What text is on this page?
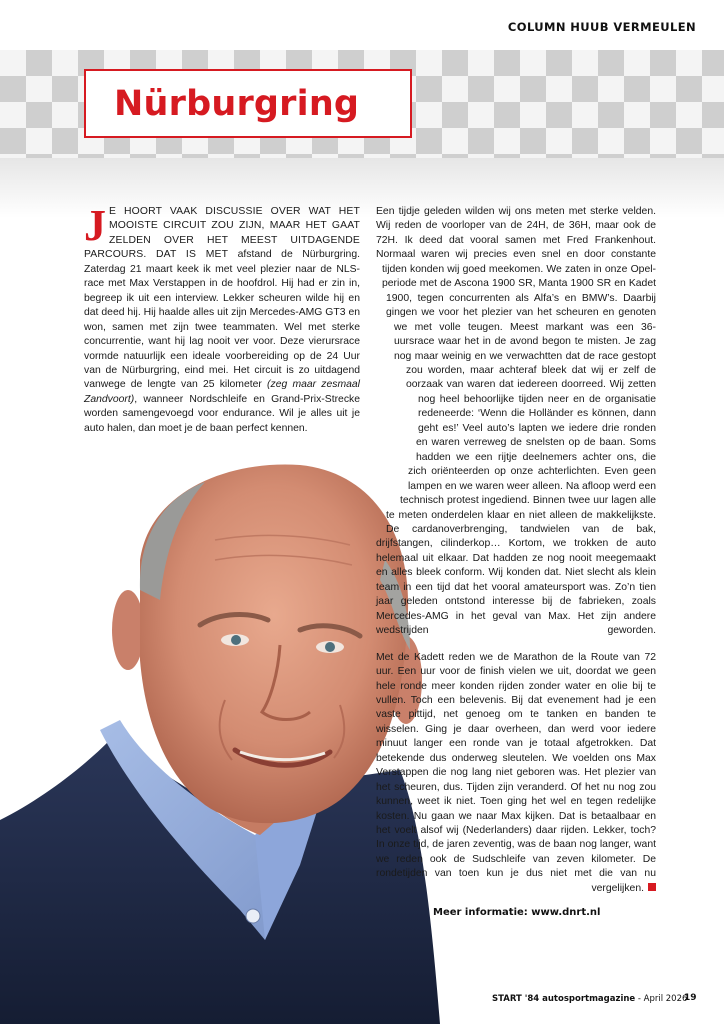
COLUMN HUUB VERMEULEN
Nürburgring

JE HOORT VAAK DISCUSSIE OVER WAT HET MOOISTE CIRCUIT ZOU ZIJN, MAAR HET GAAT ZELDEN OVER HET MEEST UITDAGENDE PARCOURS. DAT IS MET afstand de Nürburgring. Zaterdag 21 maart keek ik met veel plezier naar de NLS-race met Max Verstappen in de hoofdrol. Hij had er zin in, begreep ik uit een interview. Lekker scheuren wilde hij en dat deed hij. Hij haalde alles uit zijn Mercedes-AMG GT3 en won, samen met zijn twee teammaten. Wel met sterke concurrentie, want hij lag nooit ver voor. Deze vierursrace vormde natuurlijk een ideale voorbereiding op de 24 Uur van de Nürburgring, eind mei. Het circuit is zo uitdagend vanwege de lengte van 25 kilometer (zeg maar zesmaal Zandvoort), wanneer Nordschleife en Grand-Prix-Strecke worden samengevoegd voor endurance. Wil je alles uit je auto halen, dan moet je de baan perfect kennen.

Een tijdje geleden wilden wij ons meten met sterke velden. Wij reden de voorloper van de 24H, de 36H, maar ook de 72H. Ik deed dat vooral samen met Fred Frankenhout. Normaal waren wij precies even snel en door constante tijden konden wij goed meekomen. We zaten in onze Opel-periode met de Ascona 1900 SR, Manta 1900 SR en Kadet 1900, tegen concurrenten als Alfa’s en BMW’s. Daarbij gingen we voor het plezier van het scheuren en genoten we met volle teugen. Meest markant was een 36-uursrace waar het in de avond begon te misten. Je zag nog maar weinig en we verwachtten dat de race gestopt zou worden, maar achteraf bleek dat wij er zelf de oorzaak van waren dat iedereen doorreed. Wij zetten nog heel behoorlijke tijden neer en de organisatie redeneerde: ‘Wenn die Holländer es können, dann geht es!’ Veel auto’s lapten we iedere drie ronden en waren verreweg de snelsten op de baan. Soms hadden we een rijtje deelnemers achter ons, die zich oriënteerden op onze achterlichten. Even geen lampen en we waren weer alleen. Na afloop werd een technisch protest ingediend. Binnen twee uur lagen alle te meten onderdelen klaar en niet alleen de makkelijkste. De cardanoverbrenging, tandwielen van de bak, drijfstangen, cilinderkop… Kortom, we trokken de auto helemaal uit elkaar. Dat hadden ze nog nooit meegemaakt en alles bleek conform. Wij konden dat. Niet slecht als klein team in een tijd dat het vooral amateursport was. Zo’n tien jaar geleden ontstond interesse bij de fabrieken, zoals Mercedes-AMG in het geval van Max. Het zijn andere wedstrijden geworden.

Met de Kadett reden we de Marathon de la Route van 72 uur. Een uur voor de finish vielen we uit, doordat we geen hele ronde meer konden rijden zonder water en olie bij te vullen. Toch een belevenis. Bij dat evenement had je een vaste pittijd, net genoeg om te tanken en banden te wisselen. Ging je daar overheen, dan werd voor iedere minuut langer een ronde van je totaal afgetrokken. Dat betekende dus onderweg sleutelen. We voelden ons Max Verstappen die nog lang niet geboren was. Het plezier van het scheuren, dus. Tijden zijn veranderd. Of het nu nog zou kunnen, weet ik niet. Toen ging het wel en tegen redelijke kosten. Nu gaan we naar Max kijken. Dat is betaalbaar en het voelt alsof wij (Nederlanders) daar rijden. Lekker, toch? In onze tijd, de jaren zeventig, was de baan nog langer, want we reden ook de Sudschleife van zeven kilometer. De rondetijden van toen kun je dus niet met die van nu vergelijken.

Meer informatie: www.dnrt.nl
START '84 autosportmagazine - April 2026
19
